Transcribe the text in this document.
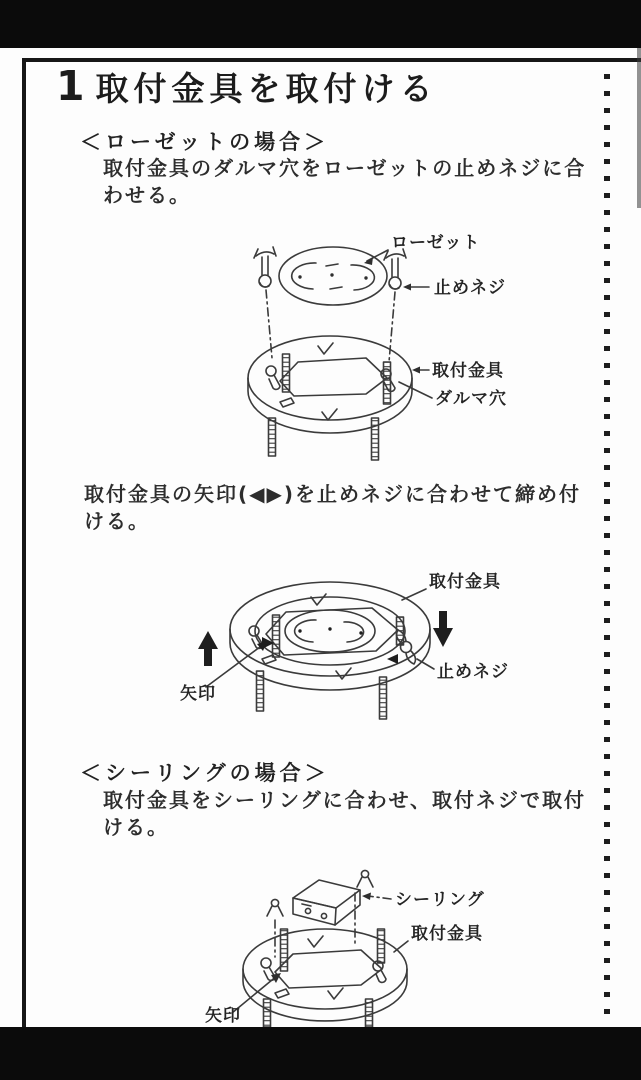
1 取付金具を取付ける
＜ローゼットの場合＞
取付金具のダルマ穴をローゼットの止めネジに合
わせる。
ローゼット
止めネジ
取付金具
ダルマ穴
取付金具の矢印(◀▶)を止めネジに合わせて締め付
ける。
取付金具
止めネジ
矢印
＜シーリングの場合＞
取付金具をシーリングに合わせ、取付ネジで取付
ける。
シーリング
取付金具
矢印
